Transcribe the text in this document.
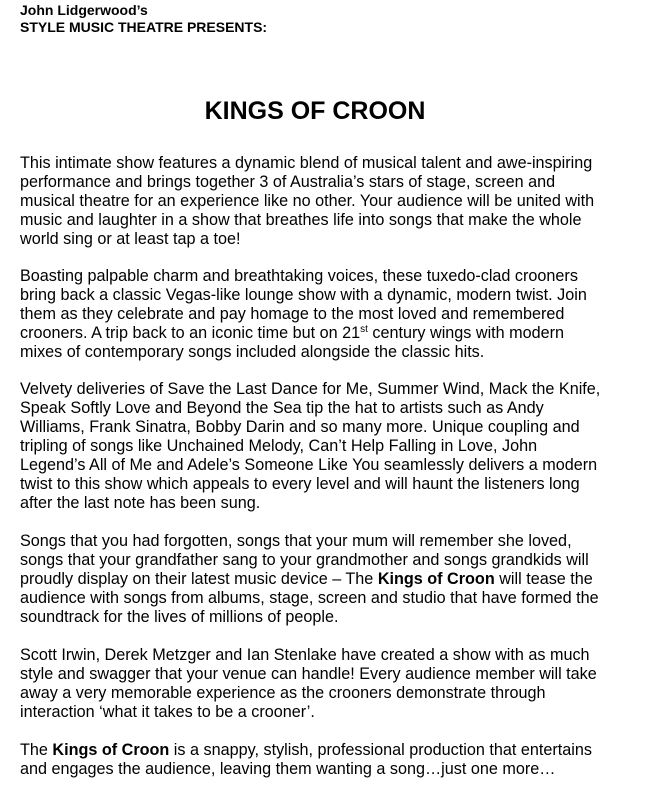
John Lidgerwood’s
STYLE MUSIC THEATRE PRESENTS:
KINGS OF CROON
This intimate show features a dynamic blend of musical talent and awe-inspiring
performance and brings together 3 of Australia’s stars of stage, screen and
musical theatre for an experience like no other. Your audience will be united with
music and laughter in a show that breathes life into songs that make the whole
world sing or at least tap a toe!
Boasting palpable charm and breathtaking voices, these tuxedo-clad crooners
bring back a classic Vegas-like lounge show with a dynamic, modern twist. Join
them as they celebrate and pay homage to the most loved and remembered
crooners. A trip back to an iconic time but on 21st century wings with modern
mixes of contemporary songs included alongside the classic hits.
Velvety deliveries of Save the Last Dance for Me, Summer Wind, Mack the Knife,
Speak Softly Love and Beyond the Sea tip the hat to artists such as Andy
Williams, Frank Sinatra, Bobby Darin and so many more. Unique coupling and
tripling of songs like Unchained Melody, Can’t Help Falling in Love, John
Legend’s All of Me and Adele’s Someone Like You seamlessly delivers a modern
twist to this show which appeals to every level and will haunt the listeners long
after the last note has been sung.
Songs that you had forgotten, songs that your mum will remember she loved,
songs that your grandfather sang to your grandmother and songs grandkids will
proudly display on their latest music device – The Kings of Croon will tease the
audience with songs from albums, stage, screen and studio that have formed the
soundtrack for the lives of millions of people.
Scott Irwin, Derek Metzger and Ian Stenlake have created a show with as much
style and swagger that your venue can handle! Every audience member will take
away a very memorable experience as the crooners demonstrate through
interaction ‘what it takes to be a crooner’.
The Kings of Croon is a snappy, stylish, professional production that entertains
and engages the audience, leaving them wanting a song…just one more…
